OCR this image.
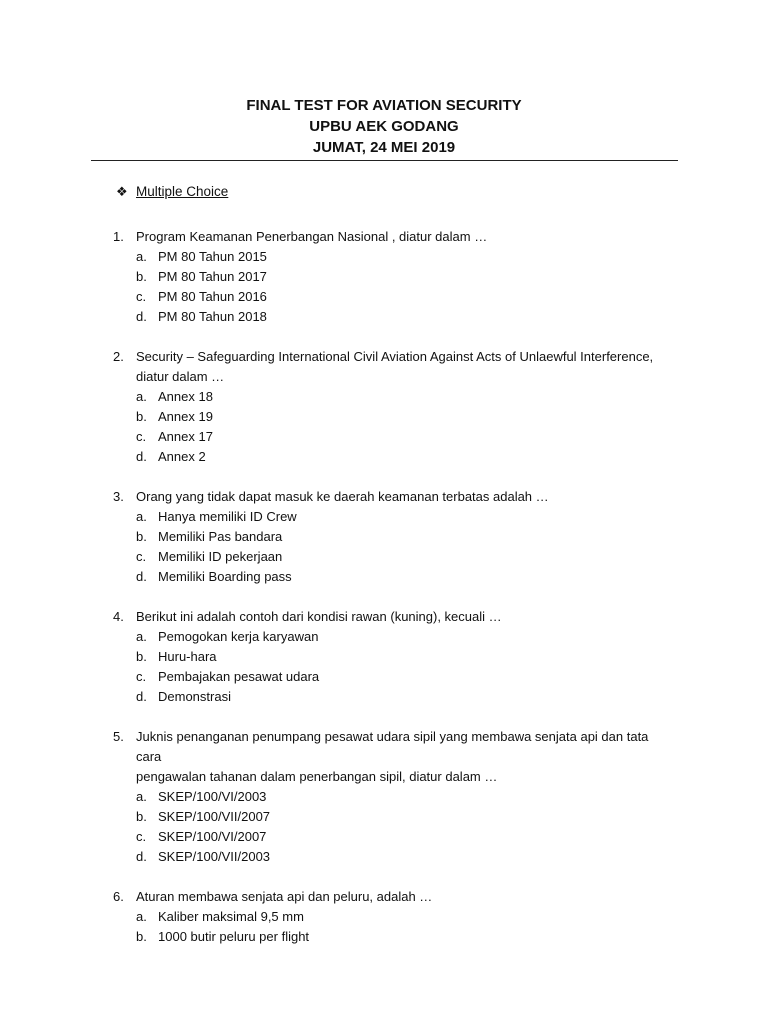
FINAL TEST FOR AVIATION SECURITY
UPBU AEK GODANG
JUMAT, 24 MEI 2019
❖ Multiple Choice
1. Program Keamanan Penerbangan Nasional , diatur dalam …
a. PM 80 Tahun 2015
b. PM 80 Tahun 2017
c. PM 80 Tahun 2016
d. PM 80 Tahun 2018
2. Security – Safeguarding International Civil Aviation Against Acts of Unlaewful Interference,
diatur dalam …
a. Annex 18
b. Annex 19
c. Annex 17
d. Annex 2
3. Orang yang tidak dapat masuk ke daerah keamanan terbatas adalah …
a. Hanya memiliki ID Crew
b. Memiliki Pas bandara
c. Memiliki ID pekerjaan
d. Memiliki Boarding pass
4. Berikut ini adalah contoh dari kondisi rawan (kuning), kecuali …
a. Pemogokan kerja karyawan
b. Huru-hara
c. Pembajakan pesawat udara
d. Demonstrasi
5. Juknis penanganan penumpang pesawat udara sipil yang membawa senjata api dan tata cara
pengawalan tahanan dalam penerbangan sipil, diatur dalam …
a. SKEP/100/VI/2003
b. SKEP/100/VII/2007
c. SKEP/100/VI/2007
d. SKEP/100/VII/2003
6. Aturan membawa senjata api dan peluru, adalah …
a. Kaliber maksimal 9,5 mm
b. 1000 butir peluru per flight
